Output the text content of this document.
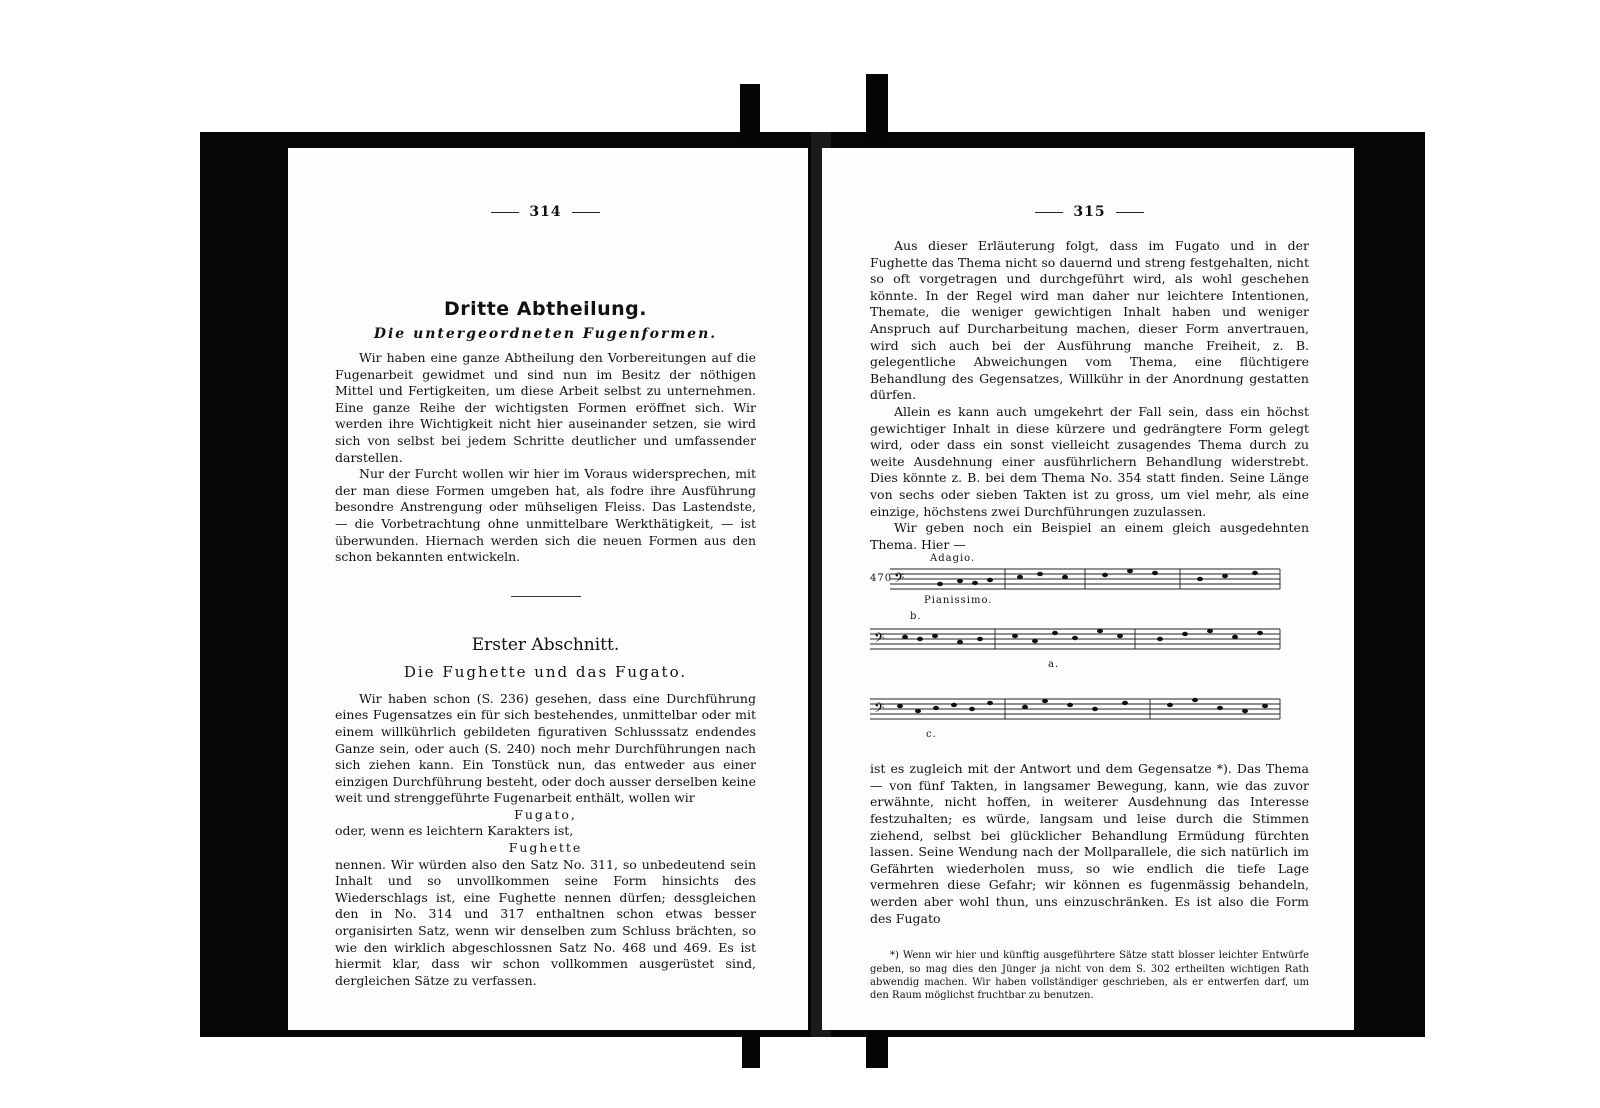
314
Dritte Abtheilung.
Die untergeordneten Fugenformen.

Wir haben eine ganze Abtheilung den Vorbereitungen auf die Fugenarbeit gewidmet und sind nun im Besitz der nöthigen Mittel und Fertigkeiten, um diese Arbeit selbst zu unternehmen. Eine ganze Reihe der wichtigsten Formen eröffnet sich. Wir werden ihre Wichtigkeit nicht hier auseinander setzen, sie wird sich von selbst bei jedem Schritte deutlicher und umfassender darstellen.

Nur der Furcht wollen wir hier im Voraus widersprechen, mit der man diese Formen umgeben hat, als fodre ihre Ausführung besondre Anstrengung oder mühseligen Fleiss. Das Lastendste, — die Vorbetrachtung ohne unmittelbare Werkthätigkeit, — ist überwunden. Hiernach werden sich die neuen Formen aus den schon bekannten entwickeln.

Erster Abschnitt.
Die Fughette und das Fugato.

Wir haben schon (S. 236) gesehen, dass eine Durchführung eines Fugensatzes ein für sich bestehendes, unmittelbar oder mit einem willkührlich gebildeten figurativen Schlusssatz endendes Ganze sein, oder auch (S. 240) noch mehr Durchführungen nach sich ziehen kann. Ein Tonstück nun, das entweder aus einer einzigen Durchführung besteht, oder doch ausser derselben keine weit und strenggeführte Fugenarbeit enthält, wollen wir

Fugato,

oder, wenn es leichtern Karakters ist,

Fughette

nennen. Wir würden also den Satz No. 311, so unbedeutend sein Inhalt und so unvollkommen seine Form hinsichts des Wiederschlags ist, eine Fughette nennen dürfen; dessgleichen den in No. 314 und 317 enthaltnen schon etwas besser organisirten Satz, wenn wir denselben zum Schluss brächten, so wie den wirklich abgeschlossnen Satz No. 468 und 469. Es ist hiermit klar, dass wir schon vollkommen ausgerüstet sind, dergleichen Sätze zu verfassen.

315

Aus dieser Erläuterung folgt, dass im Fugato und in der Fughette das Thema nicht so dauernd und streng festgehalten, nicht so oft vorgetragen und durchgeführt wird, als wohl geschehen könnte. In der Regel wird man daher nur leichtere Intentionen, Themate, die weniger gewichtigen Inhalt haben und weniger Anspruch auf Durcharbeitung machen, dieser Form anvertrauen, wird sich auch bei der Ausführung manche Freiheit, z. B. gelegentliche Abweichungen vom Thema, eine flüchtigere Behandlung des Gegensatzes, Willkühr in der Anordnung gestatten dürfen.

Allein es kann auch umgekehrt der Fall sein, dass ein höchst gewichtiger Inhalt in diese kürzere und gedrängtere Form gelegt wird, oder dass ein sonst vielleicht zusagendes Thema durch zu weite Ausdehnung einer ausführlichern Behandlung widerstrebt. Dies könnte z. B. bei dem Thema No. 354 statt finden. Seine Länge von sechs oder sieben Takten ist zu gross, um viel mehr, als eine einzige, höchstens zwei Durchführungen zuzulassen.

Wir geben noch ein Beispiel an einem gleich ausgedehnten Thema. Hier —

Adagio.
470
Pianissimo.
b.
a.
c.
𝄢
𝄢
𝄢

ist es zugleich mit der Antwort und dem Gegensatze *). Das Thema — von fünf Takten, in langsamer Bewegung, kann, wie das zuvor erwähnte, nicht hoffen, in weiterer Ausdehnung das Interesse festzuhalten; es würde, langsam und leise durch die Stimmen ziehend, selbst bei glücklicher Behandlung Ermüdung fürchten lassen. Seine Wendung nach der Mollparallele, die sich natürlich im Gefährten wiederholen muss, so wie endlich die tiefe Lage vermehren diese Gefahr; wir können es fugenmässig behandeln, werden aber wohl thun, uns einzuschränken. Es ist also die Form des Fugato

*) Wenn wir hier und künftig ausgeführtere Sätze statt blosser leichter Entwürfe geben, so mag dies den Jünger ja nicht von dem S. 302 ertheilten wichtigen Rath abwendig machen. Wir haben vollständiger geschrieben, als er entwerfen darf, um den Raum möglichst fruchtbar zu benutzen.
